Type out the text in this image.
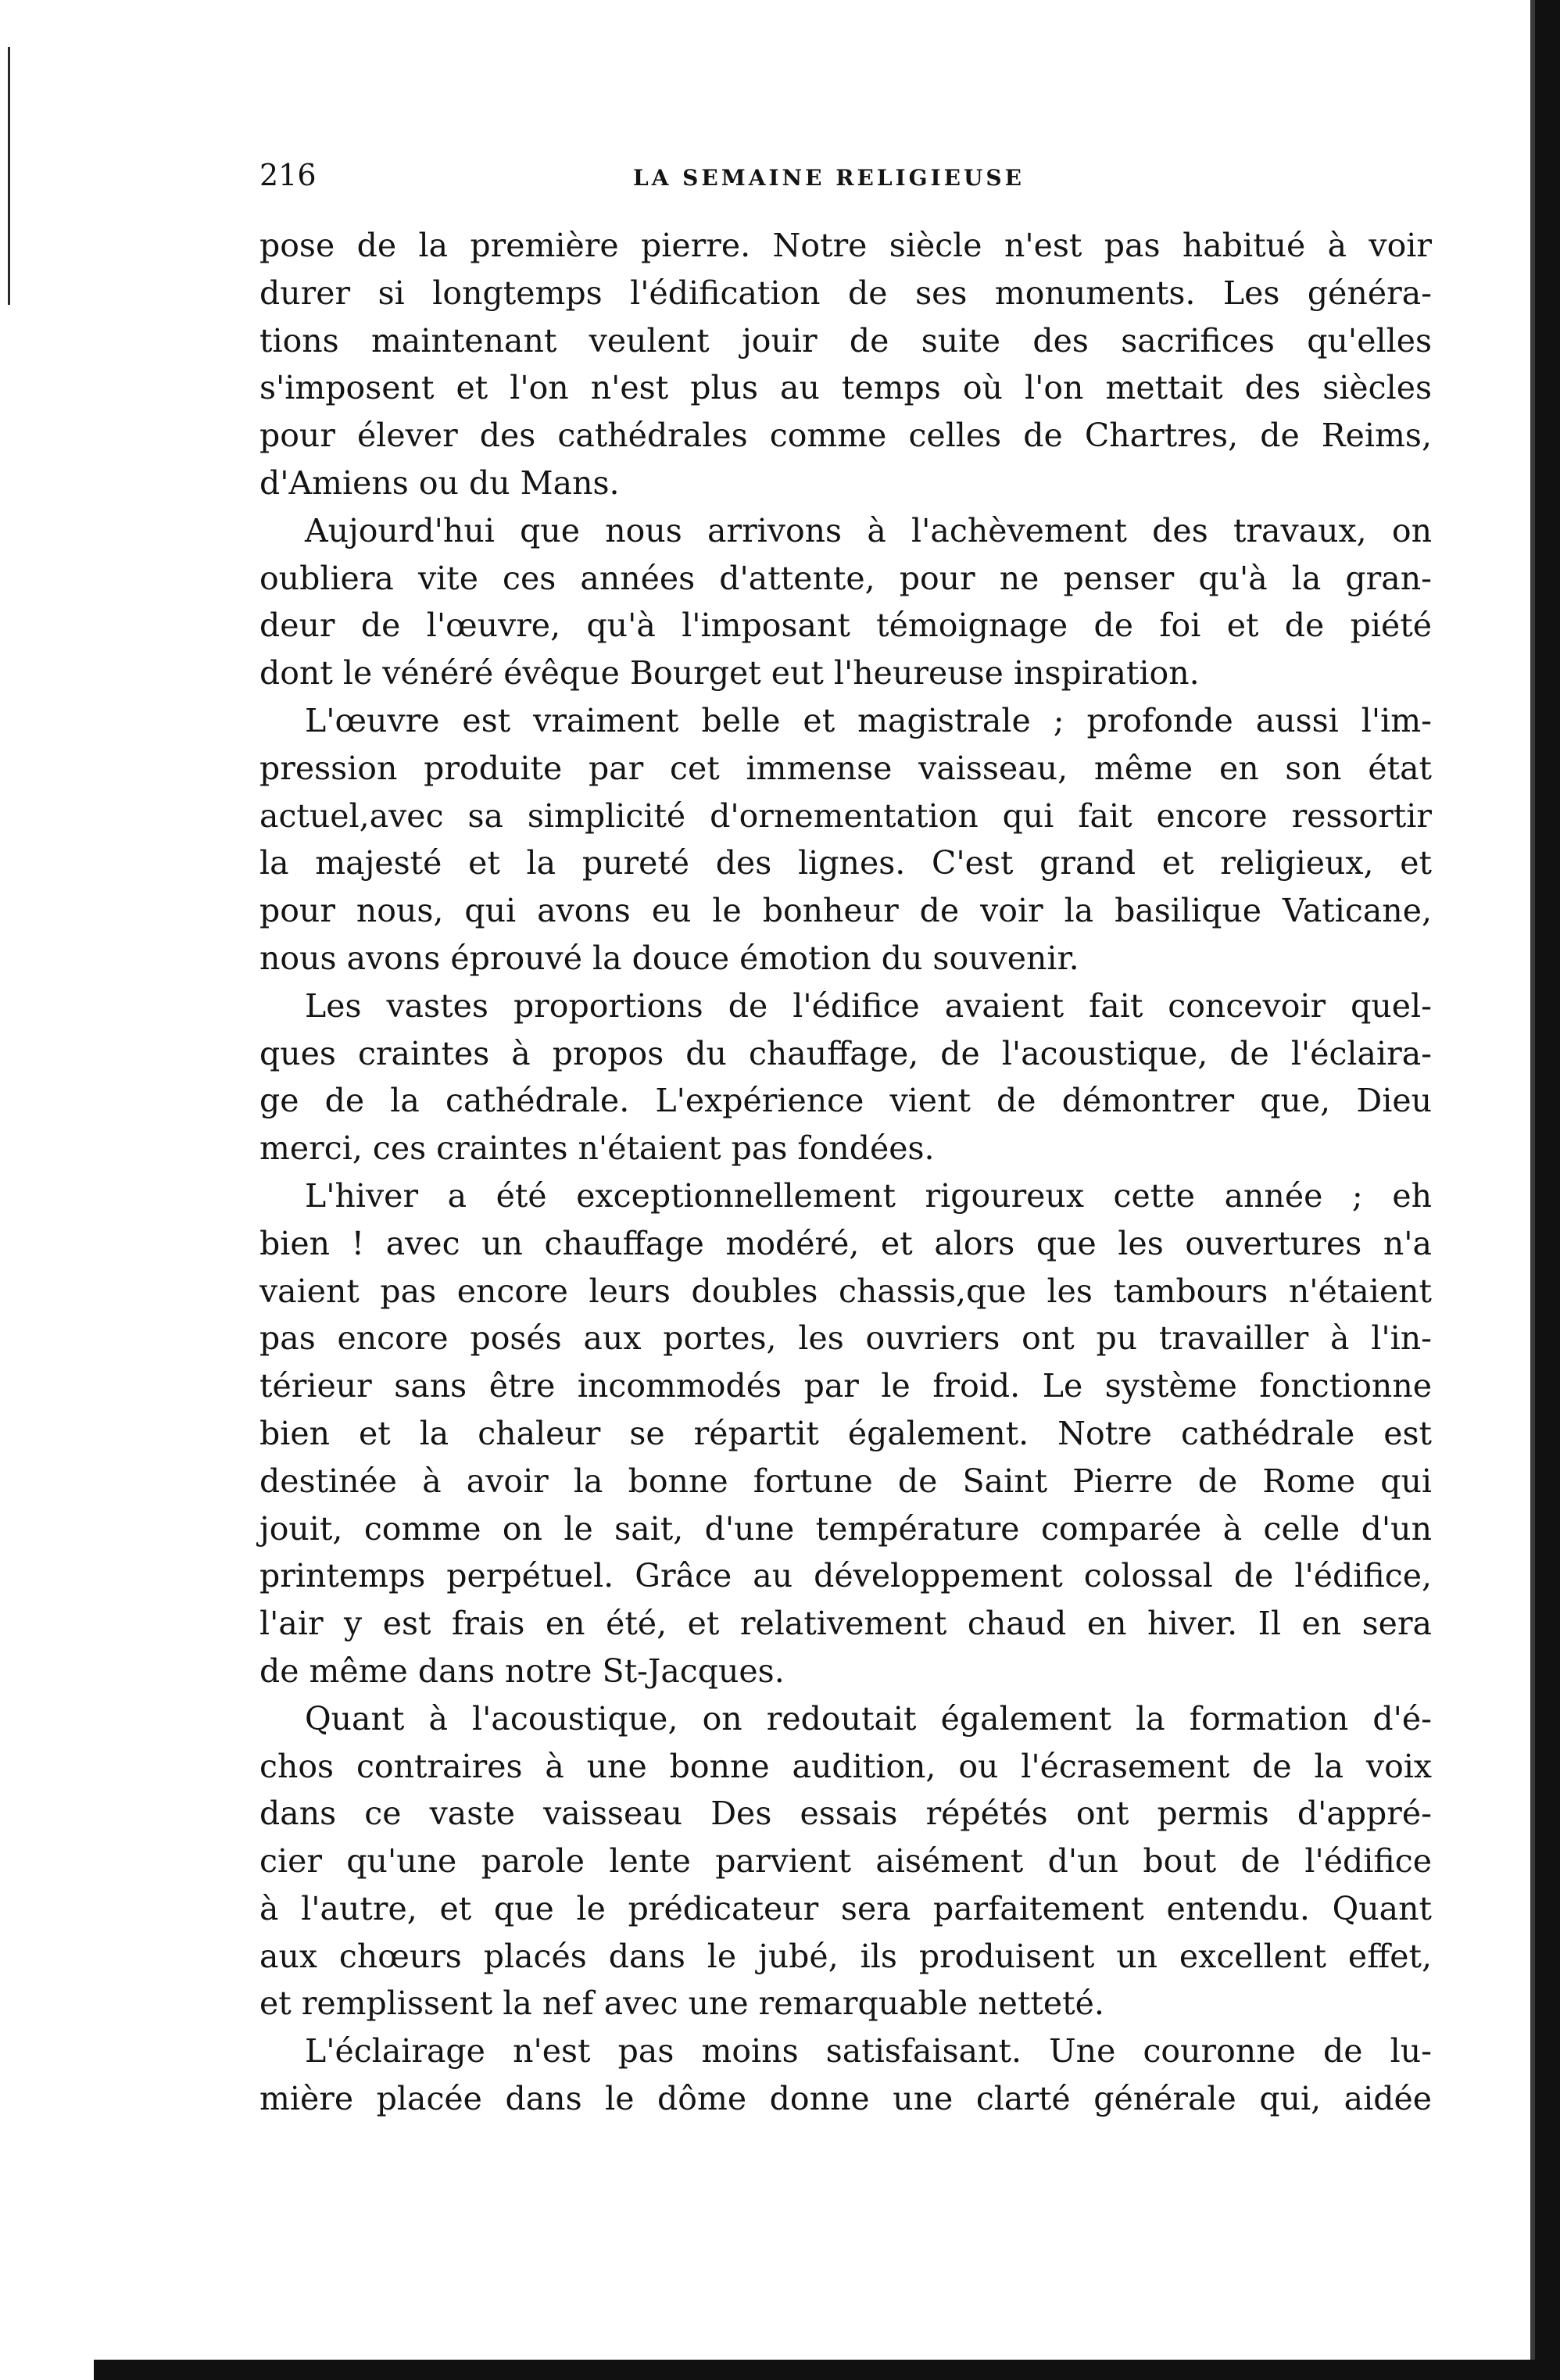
216	LA SEMAINE RELIGIEUSE
pose de la première pierre. Notre siècle n'est pas habitué à voir
durer si longtemps l'édification de ses monuments. Les généra-
tions maintenant veulent jouir de suite des sacrifices qu'elles
s'imposent et l'on n'est plus au temps où l'on mettait des siècles
pour élever des cathédrales comme celles de Chartres, de Reims,
d'Amiens ou du Mans.
Aujourd'hui que nous arrivons à l'achèvement des travaux, on
oubliera vite ces années d'attente, pour ne penser qu'à la gran-
deur de l'œuvre, qu'à l'imposant témoignage de foi et de piété
dont le vénéré évêque Bourget eut l'heureuse inspiration.
L'œuvre est vraiment belle et magistrale ; profonde aussi l'im-
pression produite par cet immense vaisseau, même en son état
actuel,avec sa simplicité d'ornementation qui fait encore ressortir
la majesté et la pureté des lignes. C'est grand et religieux, et
pour nous, qui avons eu le bonheur de voir la basilique Vaticane,
nous avons éprouvé la douce émotion du souvenir.
Les vastes proportions de l'édifice avaient fait concevoir quel-
ques craintes à propos du chauffage, de l'acoustique, de l'éclaira-
ge de la cathédrale. L'expérience vient de démontrer que, Dieu
merci, ces craintes n'étaient pas fondées.
L'hiver a été exceptionnellement rigoureux cette année ; eh
bien ! avec un chauffage modéré, et alors que les ouvertures n'a
vaient pas encore leurs doubles chassis,que les tambours n'étaient
pas encore posés aux portes, les ouvriers ont pu travailler à l'in-
térieur sans être incommodés par le froid. Le système fonctionne
bien et la chaleur se répartit également. Notre cathédrale est
destinée à avoir la bonne fortune de Saint Pierre de Rome qui
jouit, comme on le sait, d'une température comparée à celle d'un
printemps perpétuel. Grâce au développement colossal de l'édifice,
l'air y est frais en été, et relativement chaud en hiver. Il en sera
de même dans notre St-Jacques.
Quant à l'acoustique, on redoutait également la formation d'é-
chos contraires à une bonne audition, ou l'écrasement de la voix
dans ce vaste vaisseau Des essais répétés ont permis d'appré-
cier qu'une parole lente parvient aisément d'un bout de l'édifice
à l'autre, et que le prédicateur sera parfaitement entendu. Quant
aux chœurs placés dans le jubé, ils produisent un excellent effet,
et remplissent la nef avec une remarquable netteté.
L'éclairage n'est pas moins satisfaisant. Une couronne de lu-
mière placée dans le dôme donne une clarté générale qui, aidée
